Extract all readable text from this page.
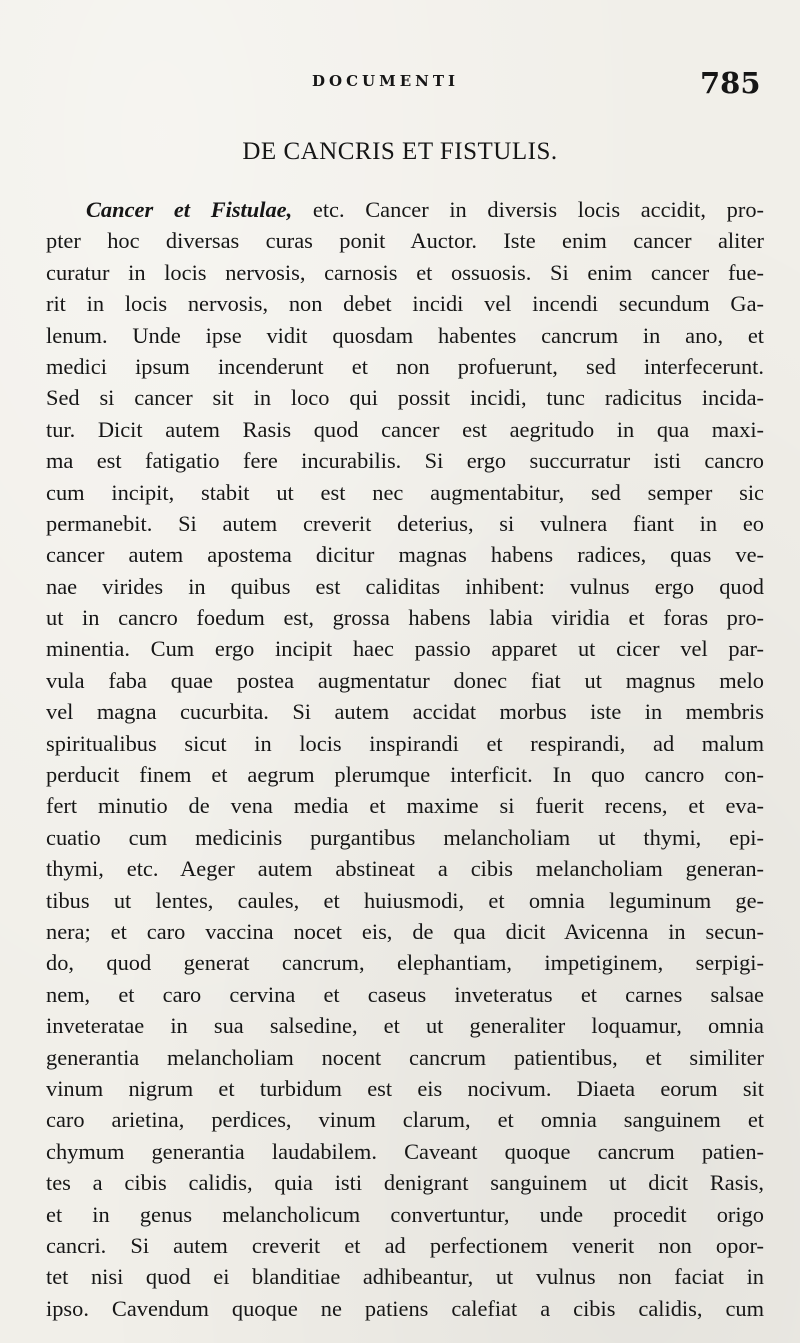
DOCUMENTI	785
DE CANCRIS ET FISTULIS.
Cancer et Fistulae, etc. Cancer in diversis locis accidit, pro-
pter hoc diversas curas ponit Auctor. Iste enim cancer aliter
curatur in locis nervosis, carnosis et ossuosis. Si enim cancer fue-
rit in locis nervosis, non debet incidi vel incendi secundum Ga-
lenum. Unde ipse vidit quosdam habentes cancrum in ano, et
medici ipsum incenderunt et non profuerunt, sed interfecerunt.
Sed si cancer sit in loco qui possit incidi, tunc radicitus incida-
tur. Dicit autem Rasis quod cancer est aegritudo in qua maxi-
ma est fatigatio fere incurabilis. Si ergo succurratur isti cancro
cum incipit, stabit ut est nec augmentabitur, sed semper sic
permanebit. Si autem creverit deterius, si vulnera fiant in eo
cancer autem apostema dicitur magnas habens radices, quas ve-
nae virides in quibus est caliditas inhibent: vulnus ergo quod
ut in cancro foedum est, grossa habens labia viridia et foras pro-
minentia. Cum ergo incipit haec passio apparet ut cicer vel par-
vula faba quae postea augmentatur donec fiat ut magnus melo
vel magna cucurbita. Si autem accidat morbus iste in membris
spiritualibus sicut in locis inspirandi et respirandi, ad malum
perducit finem et aegrum plerumque interficit. In quo cancro con-
fert minutio de vena media et maxime si fuerit recens, et eva-
cuatio cum medicinis purgantibus melancholiam ut thymi, epi-
thymi, etc. Aeger autem abstineat a cibis melancholiam generan-
tibus ut lentes, caules, et huiusmodi, et omnia leguminum ge-
nera; et caro vaccina nocet eis, de qua dicit Avicenna in secun-
do, quod generat cancrum, elephantiam, impetiginem, serpigi-
nem, et caro cervina et caseus inveteratus et carnes salsae
inveteratae in sua salsedine, et ut generaliter loquamur, omnia
generantia melancholiam nocent cancrum patientibus, et similiter
vinum nigrum et turbidum est eis nocivum. Diaeta eorum sit
caro arietina, perdices, vinum clarum, et omnia sanguinem et
chymum generantia laudabilem. Caveant quoque cancrum patien-
tes a cibis calidis, quia isti denigrant sanguinem ut dicit Rasis,
et in genus melancholicum convertuntur, unde procedit origo
cancri. Si autem creverit et ad perfectionem venerit non opor-
tet nisi quod ei blanditiae adhibeantur, ut vulnus non faciat in
ipso. Cavendum quoque ne patiens calefiat a cibis calidis, cum
